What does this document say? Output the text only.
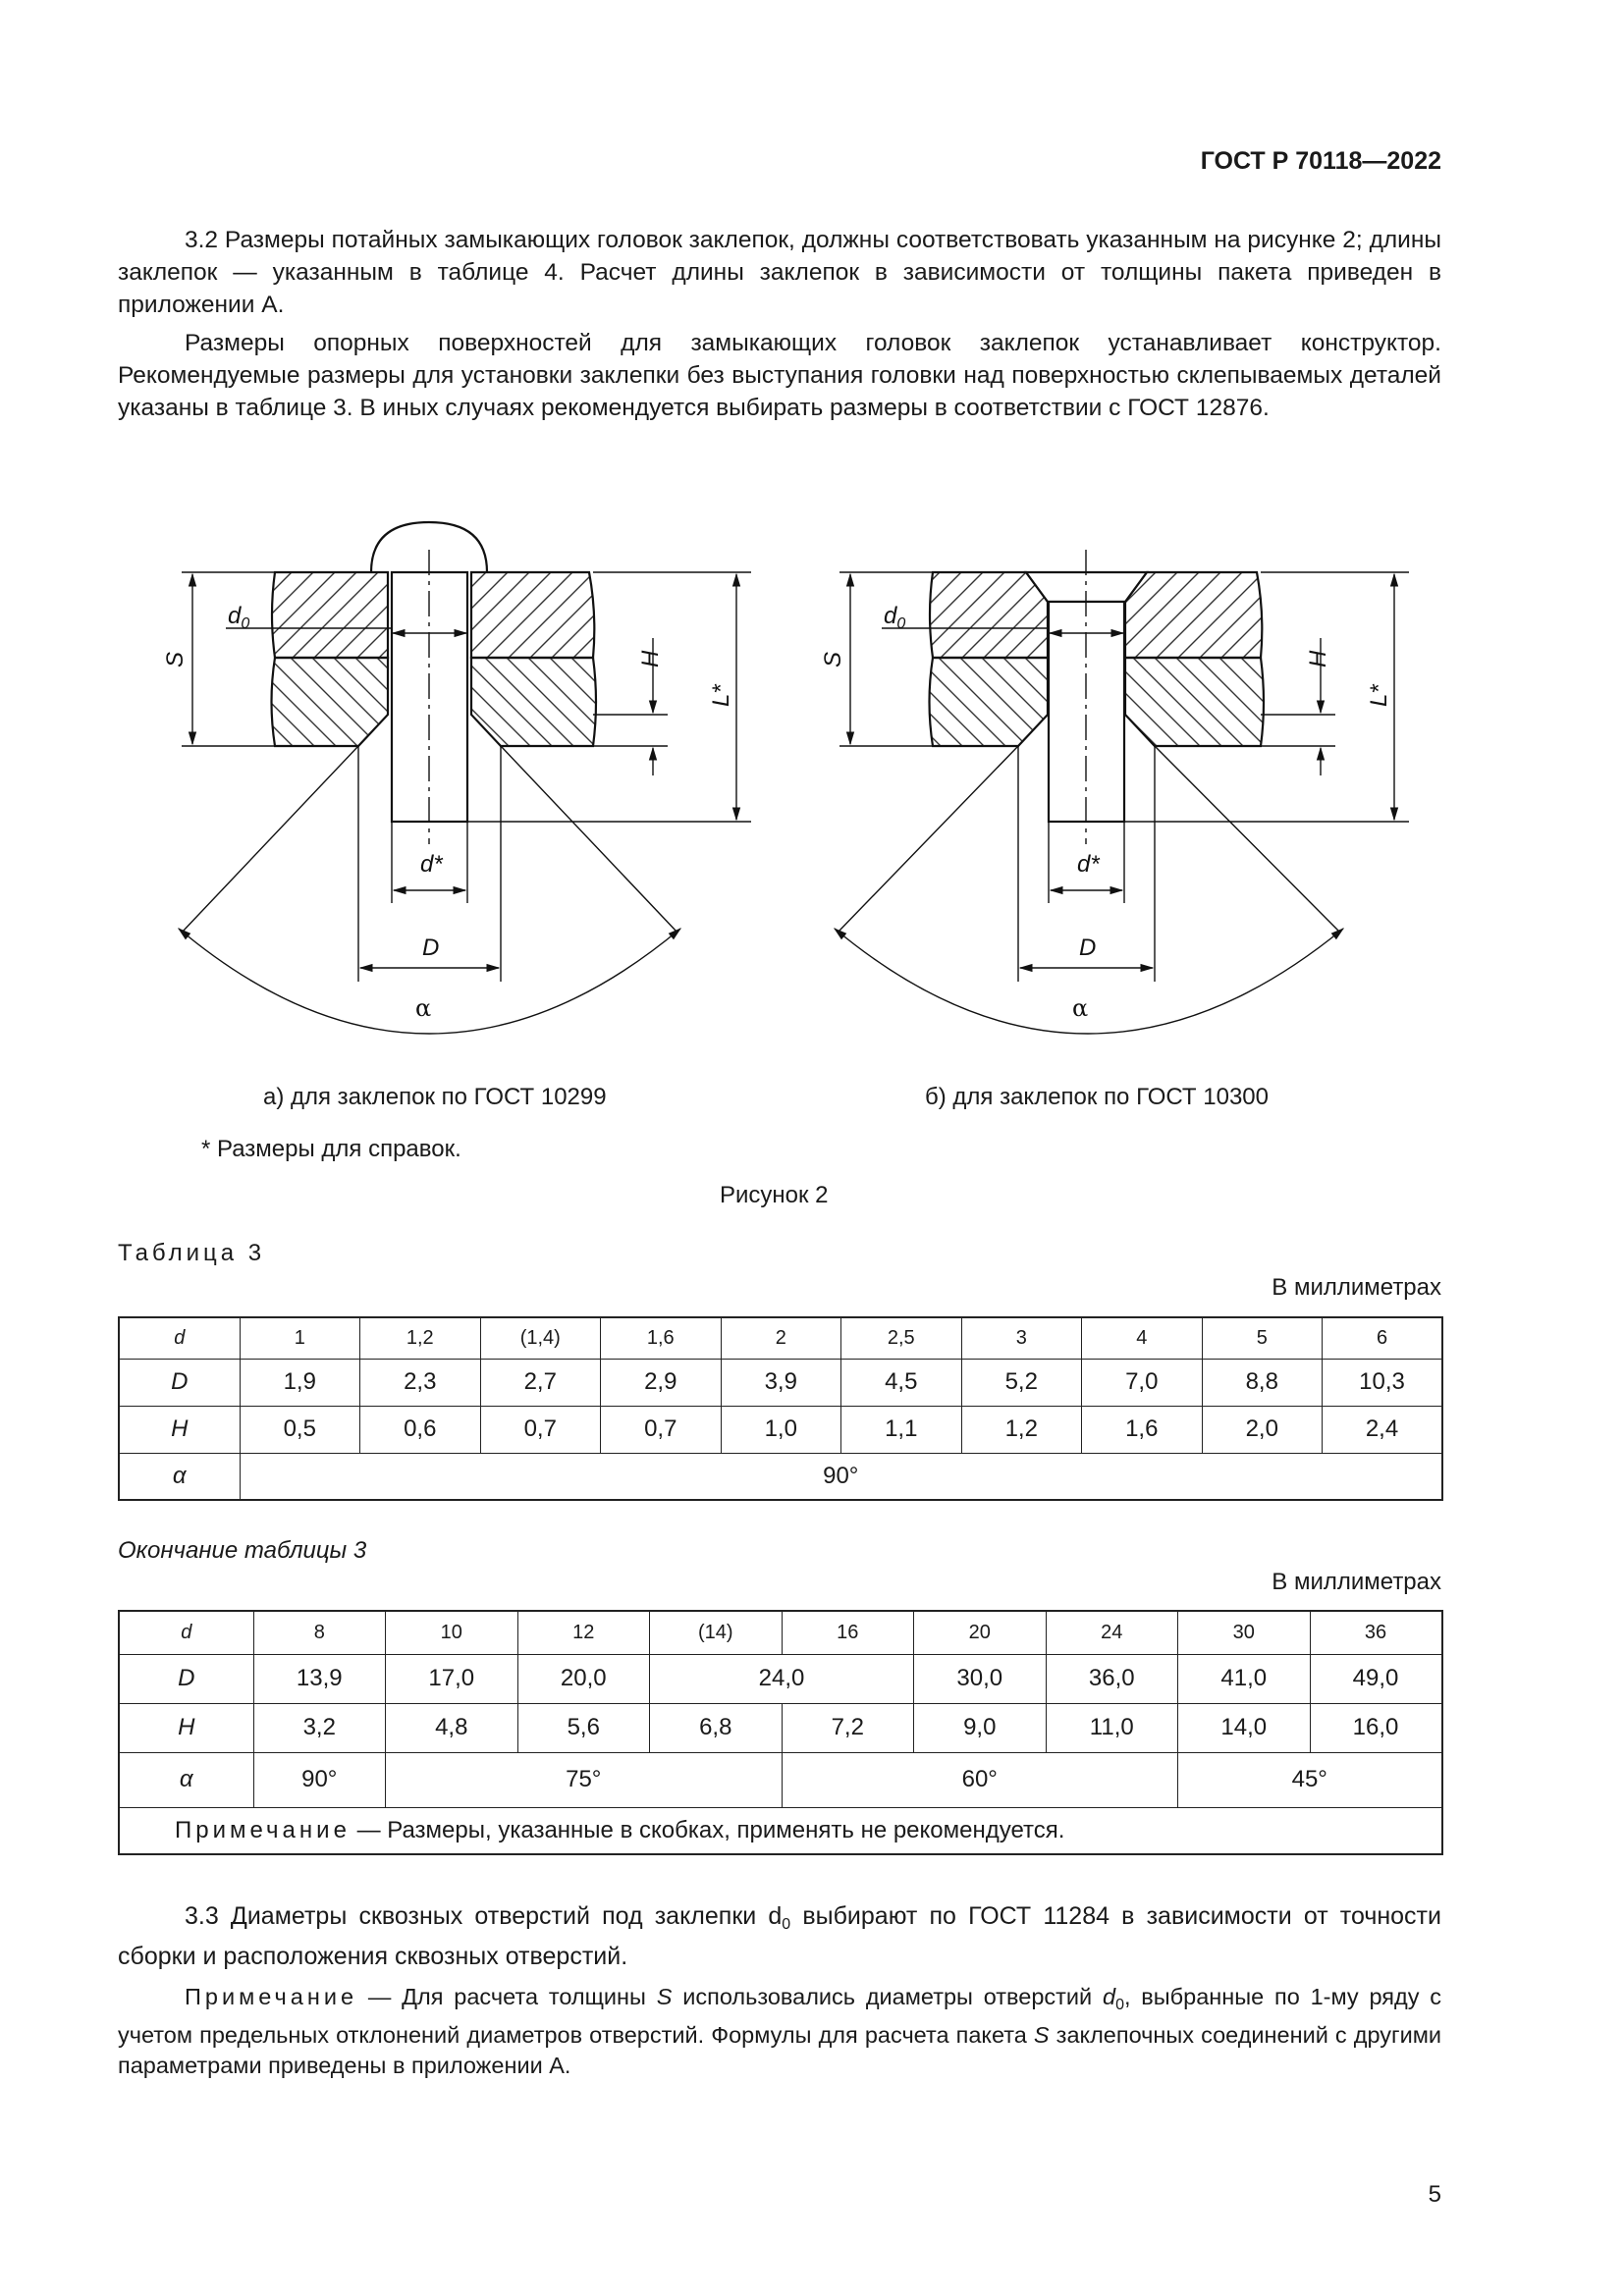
ГОСТ Р 70118—2022

3.2 Размеры потайных замыкающих головок заклепок, должны соответствовать указанным на рисунке 2; длины заклепок — указанным в таблице 4. Расчет длины заклепок в зависимости от толщины пакета приведен в приложении А.

Размеры опорных поверхностей для замыкающих головок заклепок устанавливает конструктор. Рекомендуемые размеры для установки заклепки без выступания головки над поверхностью склепываемых деталей указаны в таблице 3. В иных случаях рекомендуется выбирать размеры в соответствии с ГОСТ 12876.

$d_0$
S	H
L*
d*
D
α
$d_0$
S	H
L*
d*
D
α
а) для заклепок по ГОСТ 10299	б) для заклепок по ГОСТ 10300
* Размеры для справок.
Рисунок 2
Таблица 3
В миллиметрах
d	1	1,2	(1,4)	1,6	2	2,5	3	4	5	6
D	1,9	2,3	2,7	2,9	3,9	4,5	5,2	7,0	8,8	10,3
H	0,5	0,6	0,7	0,7	1,0	1,1	1,2	1,6	2,0	2,4
α	90°									
Окончание таблицы 3
В миллиметрах
d	8	10	12	(14)	16	20	24	30	36
D	13,9	17,0	20,0	24,0		30,0	36,0	41,0	49,0
H	3,2	4,8	5,6	6,8	7,2	9,0	11,0	14,0	16,0
α	90°	75°			60°			45°	
Примечание — Размеры, указанные в скобках, применять не рекомендуется.									

3.3 Диаметры сквозных отверстий под заклепки $d_0$ выбирают по ГОСТ 11284 в зависимости от точности сборки и расположения сквозных отверстий.

Примечание — Для расчета толщины S использовались диаметры отверстий $d_0$, выбранные по 1-му ряду с учетом предельных отклонений диаметров отверстий. Формулы для расчета пакета S заклепочных соединений с другими параметрами приведены в приложении А.

5
